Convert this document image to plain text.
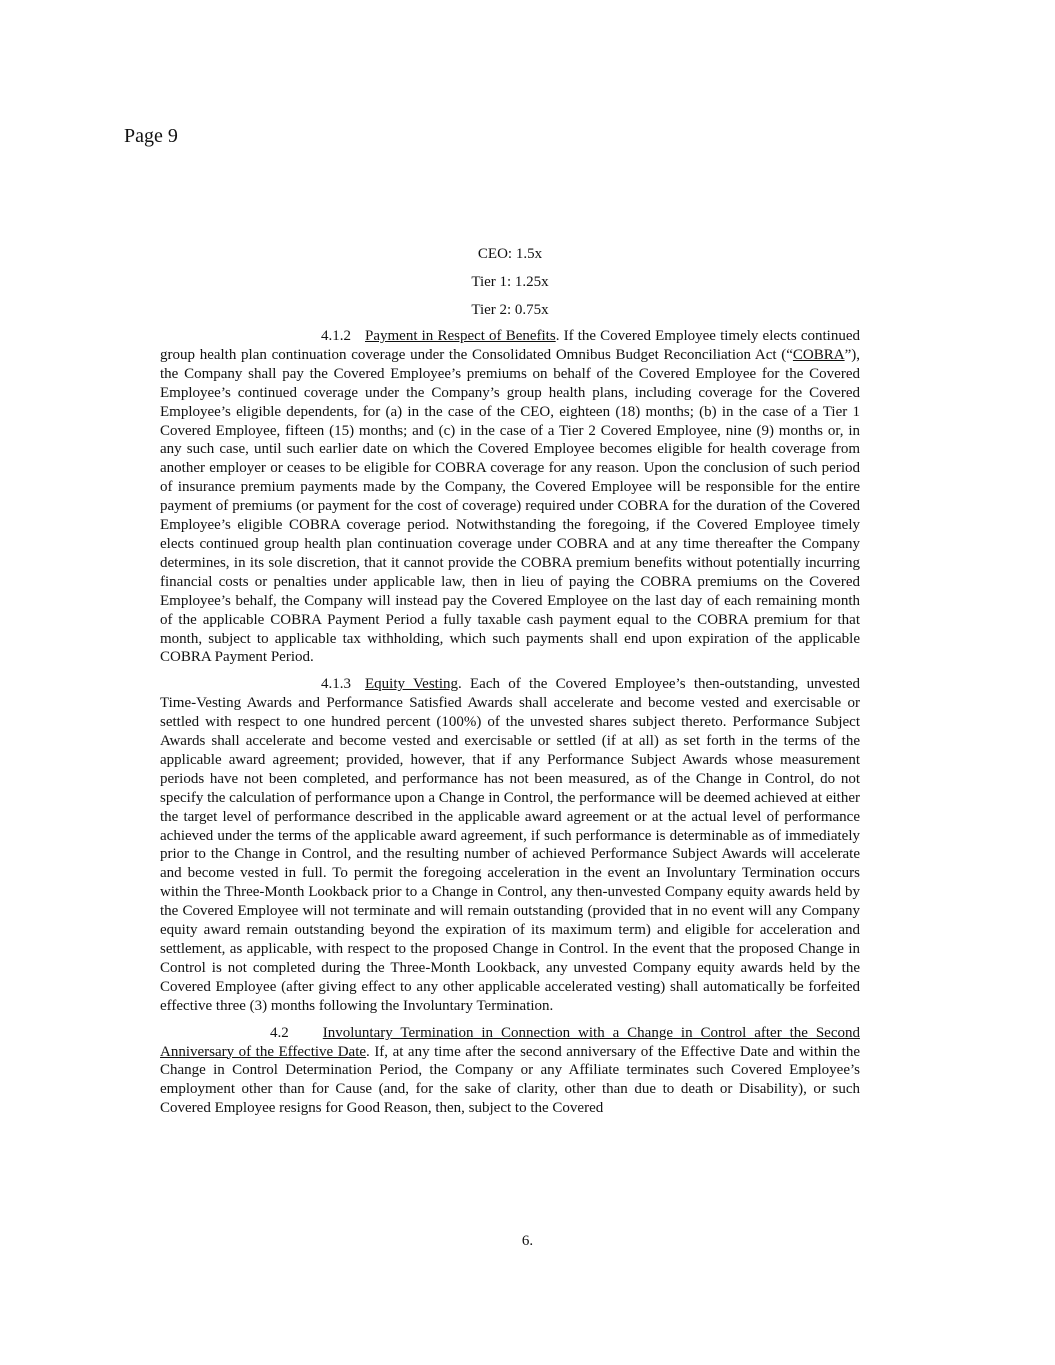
Page 9
CEO: 1.5x
Tier 1: 1.25x
Tier 2: 0.75x

4.1.2 Payment in Respect of Benefits. If the Covered Employee timely elects continued group health plan continuation coverage under the Consolidated Omnibus Budget Reconciliation Act (“COBRA”), the Company shall pay the Covered Employee’s premiums on behalf of the Covered Employee for the Covered Employee’s continued coverage under the Company’s group health plans, including coverage for the Covered Employee’s eligible dependents, for (a) in the case of the CEO, eighteen (18) months; (b) in the case of a Tier 1 Covered Employee, fifteen (15) months; and (c) in the case of a Tier 2 Covered Employee, nine (9) months or, in any such case, until such earlier date on which the Covered Employee becomes eligible for health coverage from another employer or ceases to be eligible for COBRA coverage for any reason. Upon the conclusion of such period of insurance premium payments made by the Company, the Covered Employee will be responsible for the entire payment of premiums (or payment for the cost of coverage) required under COBRA for the duration of the Covered Employee’s eligible COBRA coverage period. Notwithstanding the foregoing, if the Covered Employee timely elects continued group health plan continuation coverage under COBRA and at any time thereafter the Company determines, in its sole discretion, that it cannot provide the COBRA premium benefits without potentially incurring financial costs or penalties under applicable law, then in lieu of paying the COBRA premiums on the Covered Employee’s behalf, the Company will instead pay the Covered Employee on the last day of each remaining month of the applicable COBRA Payment Period a fully taxable cash payment equal to the COBRA premium for that month, subject to applicable tax withholding, which such payments shall end upon expiration of the applicable COBRA Payment Period.

4.1.3 Equity Vesting. Each of the Covered Employee’s then-outstanding, unvested Time-Vesting Awards and Performance Satisfied Awards shall accelerate and become vested and exercisable or settled with respect to one hundred percent (100%) of the unvested shares subject thereto. Performance Subject Awards shall accelerate and become vested and exercisable or settled (if at all) as set forth in the terms of the applicable award agreement; provided, however, that if any Performance Subject Awards whose measurement periods have not been completed, and performance has not been measured, as of the Change in Control, do not specify the calculation of performance upon a Change in Control, the performance will be deemed achieved at either the target level of performance described in the applicable award agreement or at the actual level of performance achieved under the terms of the applicable award agreement, if such performance is determinable as of immediately prior to the Change in Control, and the resulting number of achieved Performance Subject Awards will accelerate and become vested in full. To permit the foregoing acceleration in the event an Involuntary Termination occurs within the Three-Month Lookback prior to a Change in Control, any then-unvested Company equity awards held by the Covered Employee will not terminate and will remain outstanding (provided that in no event will any Company equity award remain outstanding beyond the expiration of its maximum term) and eligible for acceleration and settlement, as applicable, with respect to the proposed Change in Control. In the event that the proposed Change in Control is not completed during the Three-Month Lookback, any unvested Company equity awards held by the Covered Employee (after giving effect to any other applicable accelerated vesting) shall automatically be forfeited effective three (3) months following the Involuntary Termination.

4.2 Involuntary Termination in Connection with a Change in Control after the Second Anniversary of the Effective Date. If, at any time after the second anniversary of the Effective Date and within the Change in Control Determination Period, the Company or any Affiliate terminates such Covered Employee’s employment other than for Cause (and, for the sake of clarity, other than due to death or Disability), or such Covered Employee resigns for Good Reason, then, subject to the Covered

6.
